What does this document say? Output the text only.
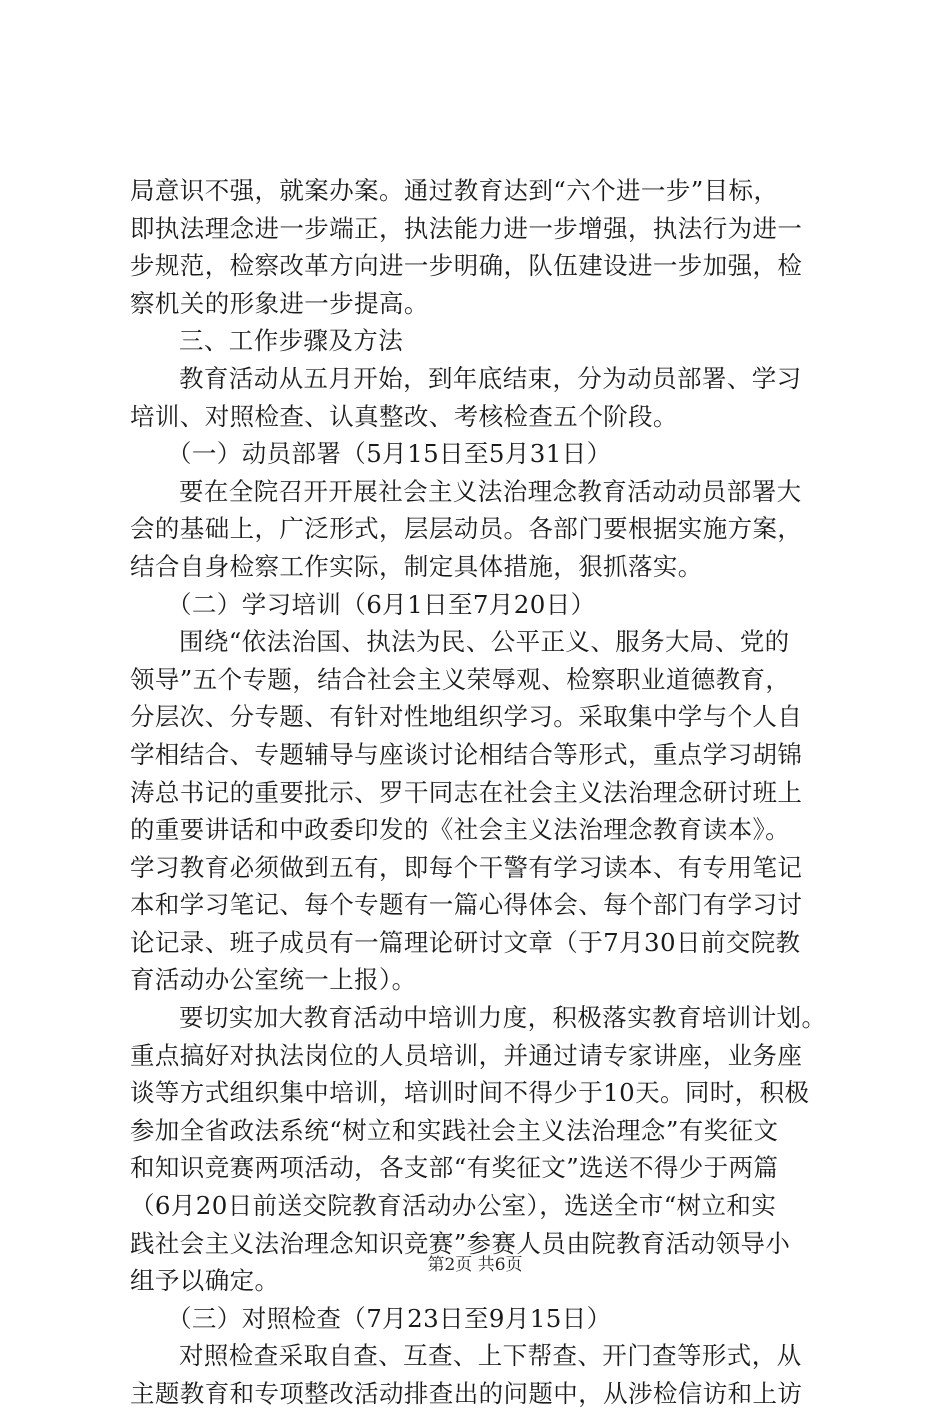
局意识不强，就案办案。通过教育达到“六个进一步”目标，
即执法理念进一步端正，执法能力进一步增强，执法行为进一
步规范，检察改革方向进一步明确，队伍建设进一步加强，检
察机关的形象进一步提高。
三、工作步骤及方法
教育活动从五月开始，到年底结束，分为动员部署、学习
培训、对照检查、认真整改、考核检查五个阶段。
（一）动员部署（5月15日至5月31日）
要在全院召开开展社会主义法治理念教育活动动员部署大
会的基础上，广泛形式，层层动员。各部门要根据实施方案，
结合自身检察工作实际，制定具体措施，狠抓落实。
（二）学习培训（6月1日至7月20日）
围绕“依法治国、执法为民、公平正义、服务大局、党的
领导”五个专题，结合社会主义荣辱观、检察职业道德教育，
分层次、分专题、有针对性地组织学习。采取集中学与个人自
学相结合、专题辅导与座谈讨论相结合等形式，重点学习胡锦
涛总书记的重要批示、罗干同志在社会主义法治理念研讨班上
的重要讲话和中政委印发的《社会主义法治理念教育读本》。
学习教育必须做到五有，即每个干警有学习读本、有专用笔记
本和学习笔记、每个专题有一篇心得体会、每个部门有学习讨
论记录、班子成员有一篇理论研讨文章（于7月30日前交院教
育活动办公室统一上报）。
要切实加大教育活动中培训力度，积极落实教育培训计划。
重点搞好对执法岗位的人员培训，并通过请专家讲座，业务座
谈等方式组织集中培训，培训时间不得少于10天。同时，积极
参加全省政法系统“树立和实践社会主义法治理念”有奖征文
和知识竞赛两项活动，各支部“有奖征文”选送不得少于两篇
（6月20日前送交院教育活动办公室），选送全市“树立和实
践社会主义法治理念知识竞赛”参赛人员由院教育活动领导小
组予以确定。
（三）对照检查（7月23日至9月15日）
对照检查采取自查、互查、上下帮查、开门查等形式，从
主题教育和专项整改活动排查出的问题中，从涉检信访和上访
第2页 共6页
